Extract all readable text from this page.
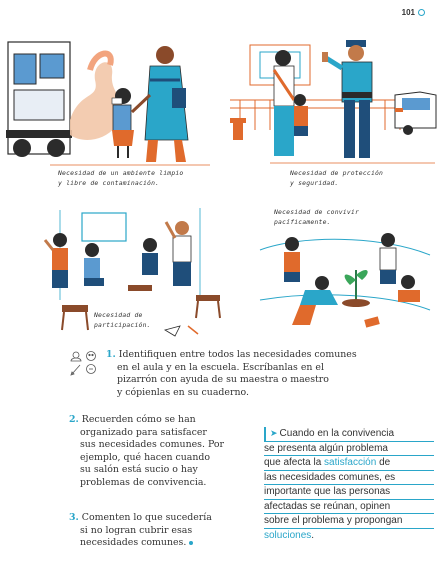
101
Necesidad de un ambiente limpio
y libre de contaminación.
Necesidad de protección
y seguridad.
Necesidad de
participación.
Necesidad de convivir
pacíficamente.
1. Identifiquen entre todos las necesidades comunes
en el aula y en la escuela. Escríbanlas en el
pizarrón con ayuda de su maestra o maestro
y cópienlas en su cuaderno.
2. Recuerden cómo se han
organizado para satisfacer
sus necesidades comunes. Por
ejemplo, qué hacen cuando
su salón está sucio o hay
problemas de convivencia.
3. Comenten lo que sucedería
si no logran cubrir esas
necesidades comunes.
➤ Cuando en la convivencia
se presenta algún problema
que afecta la satisfacción de
las necesidades comunes, es
importante que las personas
afectadas se reúnan, opinen
sobre el problema y propongan
soluciones.
